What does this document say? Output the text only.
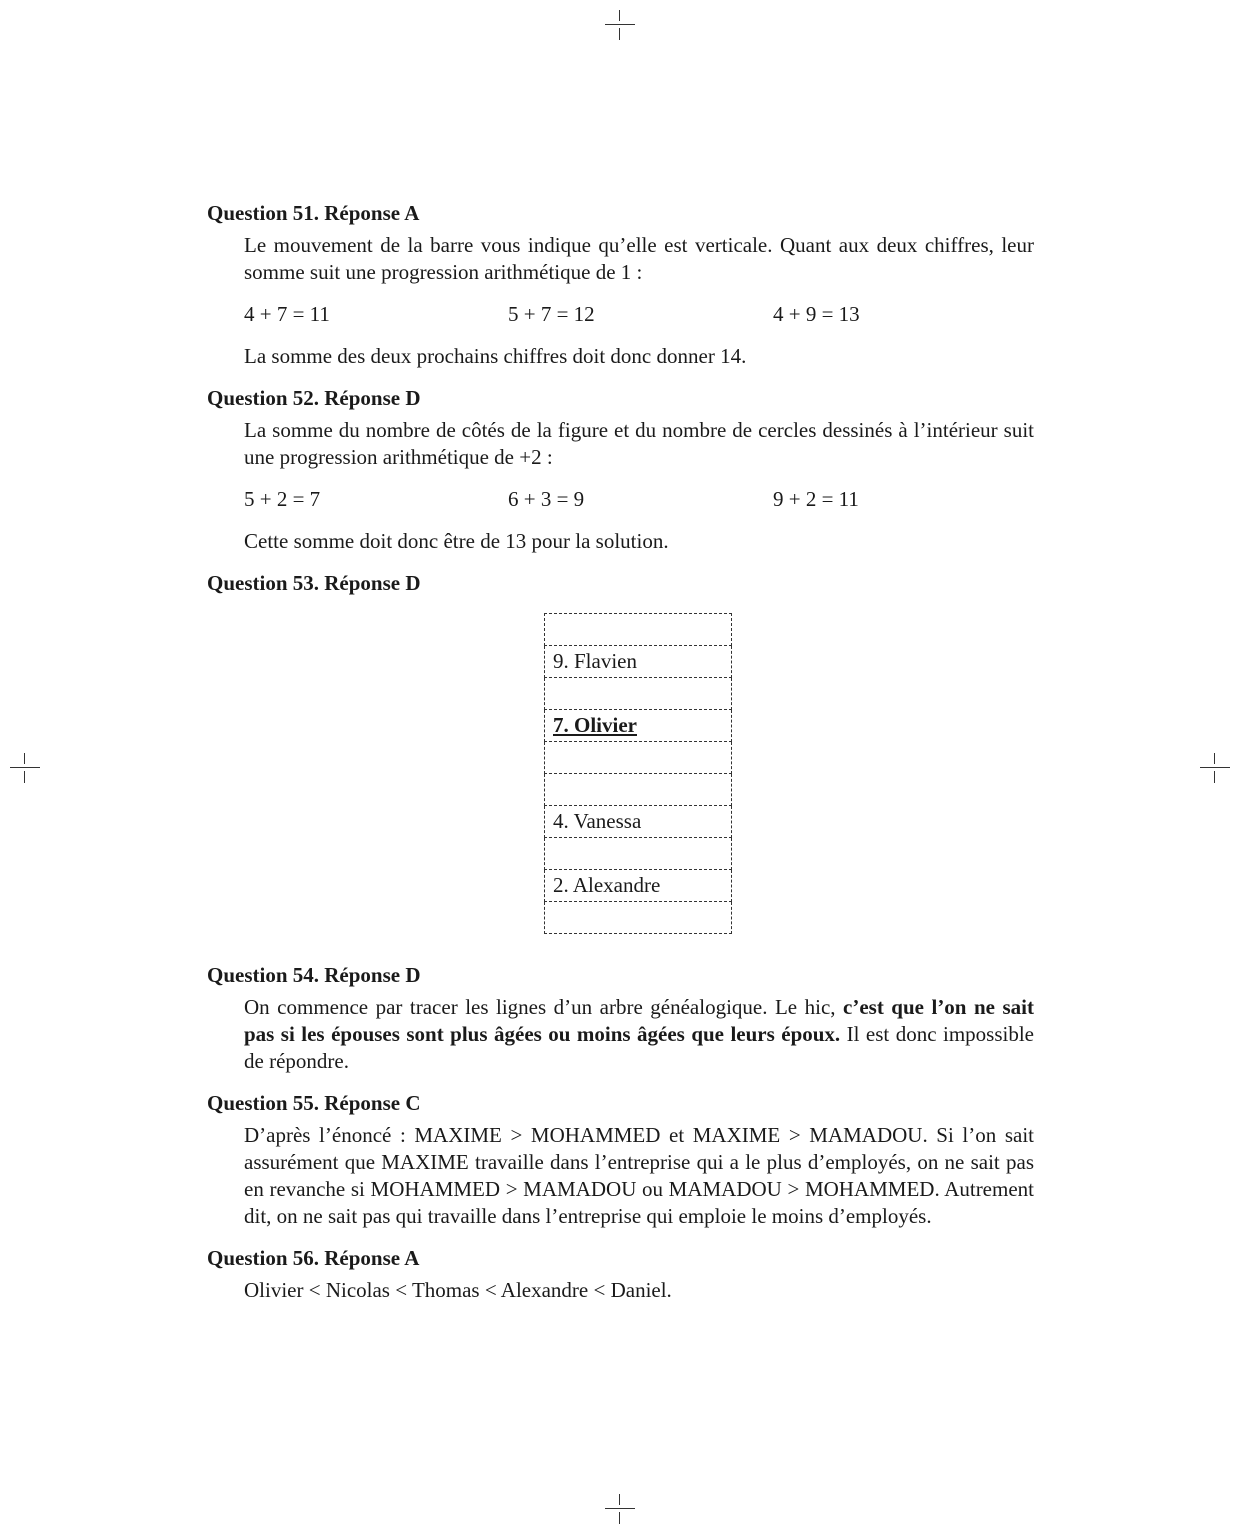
Question 51. Réponse A

Le mouvement de la barre vous indique qu’elle est verticale. Quant aux deux chiffres, leur somme suit une progression arithmétique de 1 :

4 + 7 = 11	5 + 7 = 12	4 + 9 = 13

La somme des deux prochains chiffres doit donc donner 14.

Question 52. Réponse D

La somme du nombre de côtés de la figure et du nombre de cercles dessinés à l’intérieur suit une progression arithmétique de +2 :

5 + 2 = 7	6 + 3 = 9	9 + 2 = 11

Cette somme doit donc être de 13 pour la solution.

Question 53. Réponse D

9. Flavien

7. Olivier

4. Vanessa

2. Alexandre

Question 54. Réponse D

On commence par tracer les lignes d’un arbre généalogique. Le hic, c’est que l’on ne sait pas si les épouses sont plus âgées ou moins âgées que leurs époux. Il est donc impossible de répondre.

Question 55. Réponse C

D’après l’énoncé : MAXIME > MOHAMMED et MAXIME > MAMADOU. Si l’on sait assurément que MAXIME travaille dans l’entreprise qui a le plus d’employés, on ne sait pas en revanche si MOHAMMED > MAMADOU ou MAMADOU > MOHAMMED. Autrement dit, on ne sait pas qui travaille dans l’entreprise qui emploie le moins d’employés.

Question 56. Réponse A

Olivier < Nicolas < Thomas < Alexandre < Daniel.
